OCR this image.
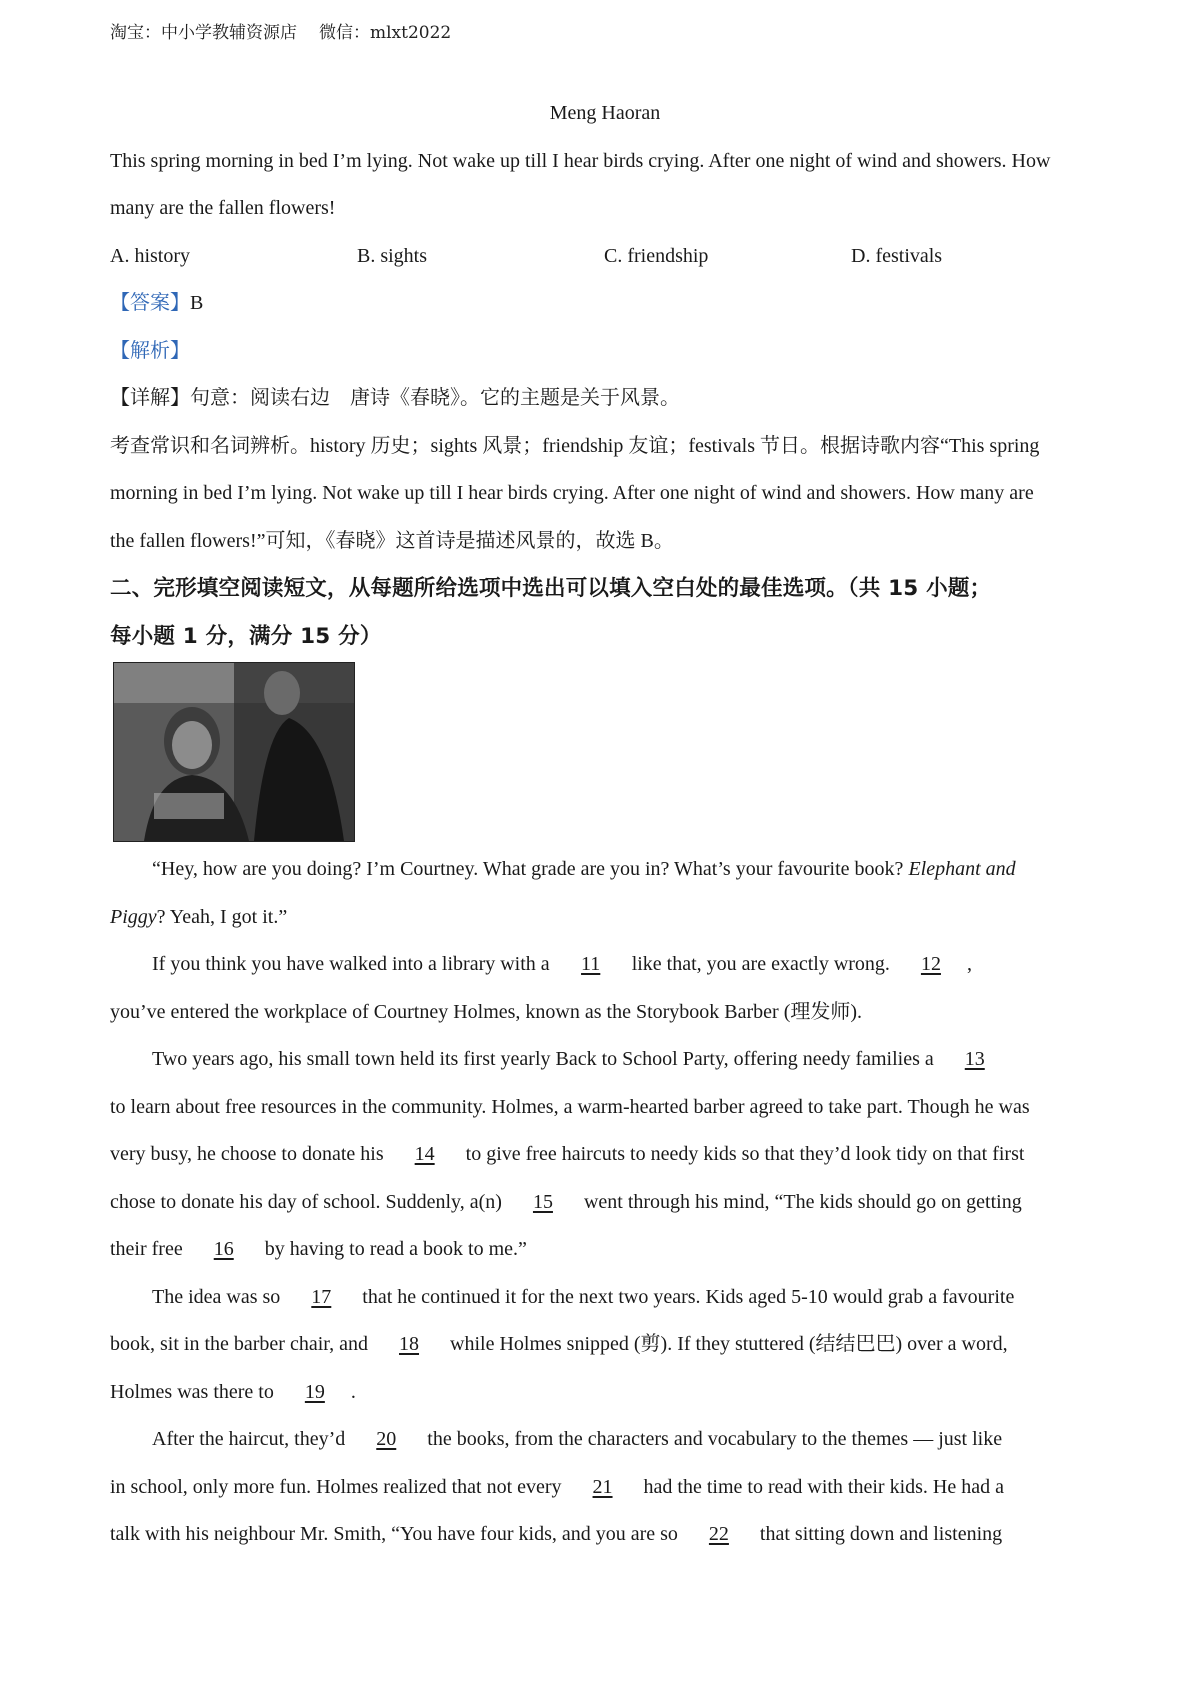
淘宝：中小学教辅资源店 微信：mlxt2022
Meng Haoran
This spring morning in bed I’m lying. Not wake up till I hear birds crying. After one night of wind and showers. How
many are the fallen flowers!
A. history	B. sights	C. friendship	D. festivals
【答案】B
【解析】
【详解】句意：阅读右边　唐诗《春晓》。它的主题是关于风景。
考查常识和名词辨析。history 历史；sights 风景；friendship 友谊；festivals 节日。根据诗歌内容“This spring
morning in bed I’m lying. Not wake up till I hear birds crying. After one night of wind and showers. How many are
the fallen flowers!”可知，《春晓》这首诗是描述风景的，故选 B。
二、完形填空阅读短文，从每题所给选项中选出可以填入空白处的最佳选项。（共 15 小题；
每小题 1 分，满分 15 分）
“Hey, how are you doing? I’m Courtney. What grade are you in? What’s your favourite book? Elephant and
Piggy? Yeah, I got it.”
If you think you have walked into a library with a 11 like that, you are exactly wrong. 12 ,
you’ve entered the workplace of Courtney Holmes, known as the Storybook Barber (理发师).
Two years ago, his small town held its first yearly Back to School Party, offering needy families a 13
to learn about free resources in the community. Holmes, a warm-hearted barber agreed to take part. Though he was
very busy, he choose to donate his 14 to give free haircuts to needy kids so that they’d look tidy on that first
chose to donate his day of school. Suddenly, a(n) 15 went through his mind, “The kids should go on getting
their free 16 by having to read a book to me.”
The idea was so 17 that he continued it for the next two years. Kids aged 5-10 would grab a favourite
book, sit in the barber chair, and 18 while Holmes snipped (剪). If they stuttered (结结巴巴) over a word,
Holmes was there to 19 .
After the haircut, they’d 20 the books, from the characters and vocabulary to the themes — just like
in school, only more fun. Holmes realized that not every 21 had the time to read with their kids. He had a
talk with his neighbour Mr. Smith, “You have four kids, and you are so 22 that sitting down and listening
